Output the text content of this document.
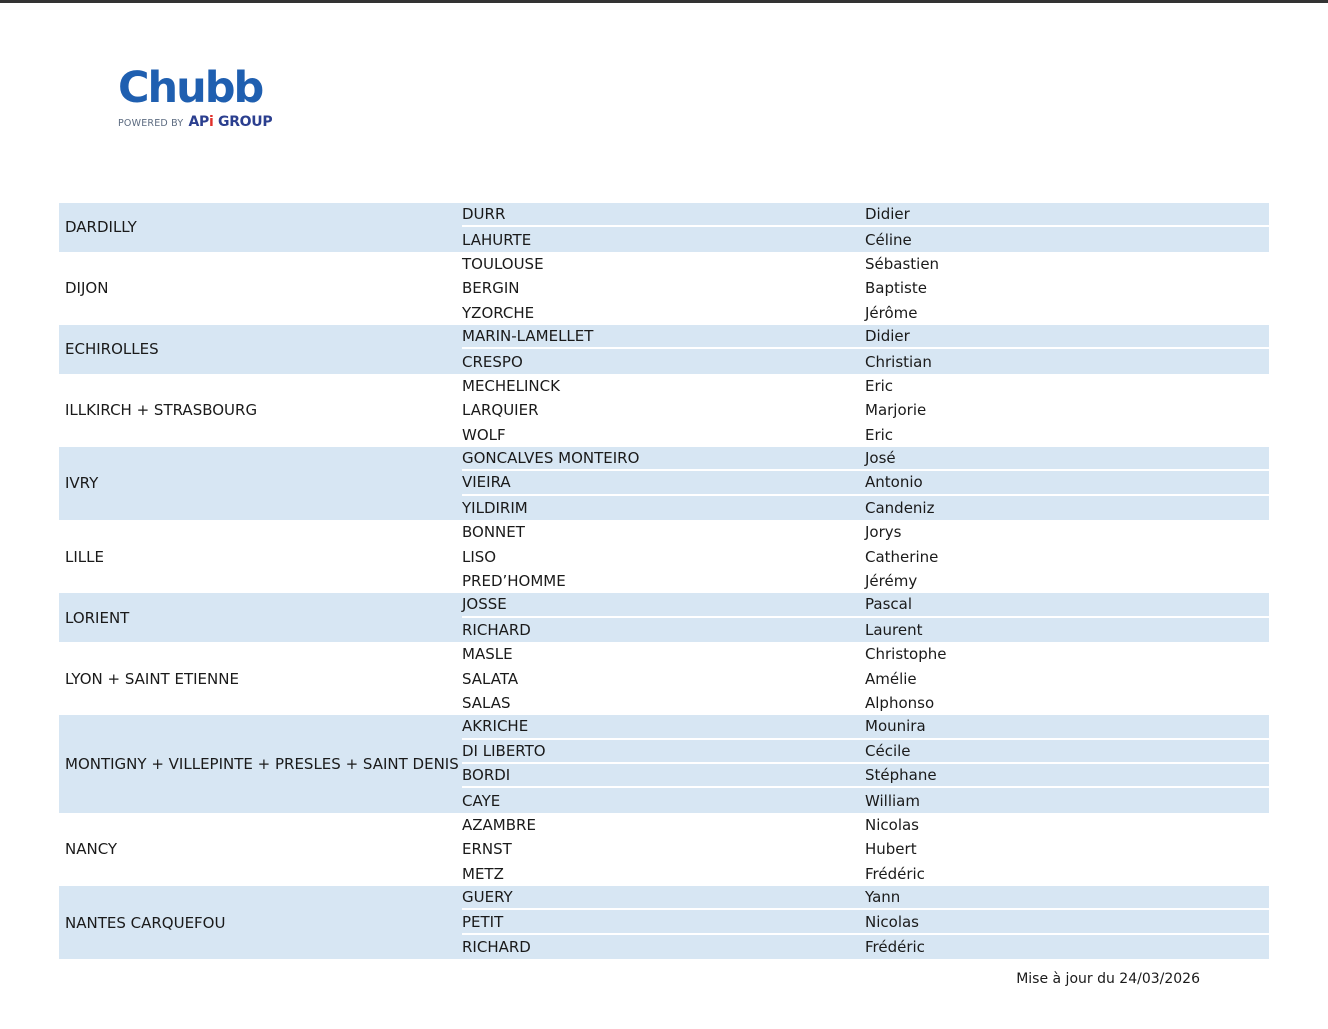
Chubb
POWERED BY APi GROUP
DARDILLY
DURR	Didier
LAHURTE	Céline
DIJON
TOULOUSE	Sébastien
BERGIN	Baptiste
YZORCHE	Jérôme
ECHIROLLES
MARIN-LAMELLET	Didier
CRESPO	Christian
ILLKIRCH + STRASBOURG
MECHELINCK	Eric
LARQUIER	Marjorie
WOLF	Eric
IVRY
GONCALVES MONTEIRO	José
VIEIRA	Antonio
YILDIRIM	Candeniz
LILLE
BONNET	Jorys
LISO	Catherine
PRED’HOMME	Jérémy
LORIENT
JOSSE	Pascal
RICHARD	Laurent
LYON + SAINT ETIENNE
MASLE	Christophe
SALATA	Amélie
SALAS	Alphonso
MONTIGNY + VILLEPINTE + PRESLES + SAINT DENIS
AKRICHE	Mounira
DI LIBERTO	Cécile
BORDI	Stéphane
CAYE	William
NANCY
AZAMBRE	Nicolas
ERNST	Hubert
METZ	Frédéric
NANTES CARQUEFOU
GUERY	Yann
PETIT	Nicolas
RICHARD	Frédéric
Mise à jour du 24/03/2026
